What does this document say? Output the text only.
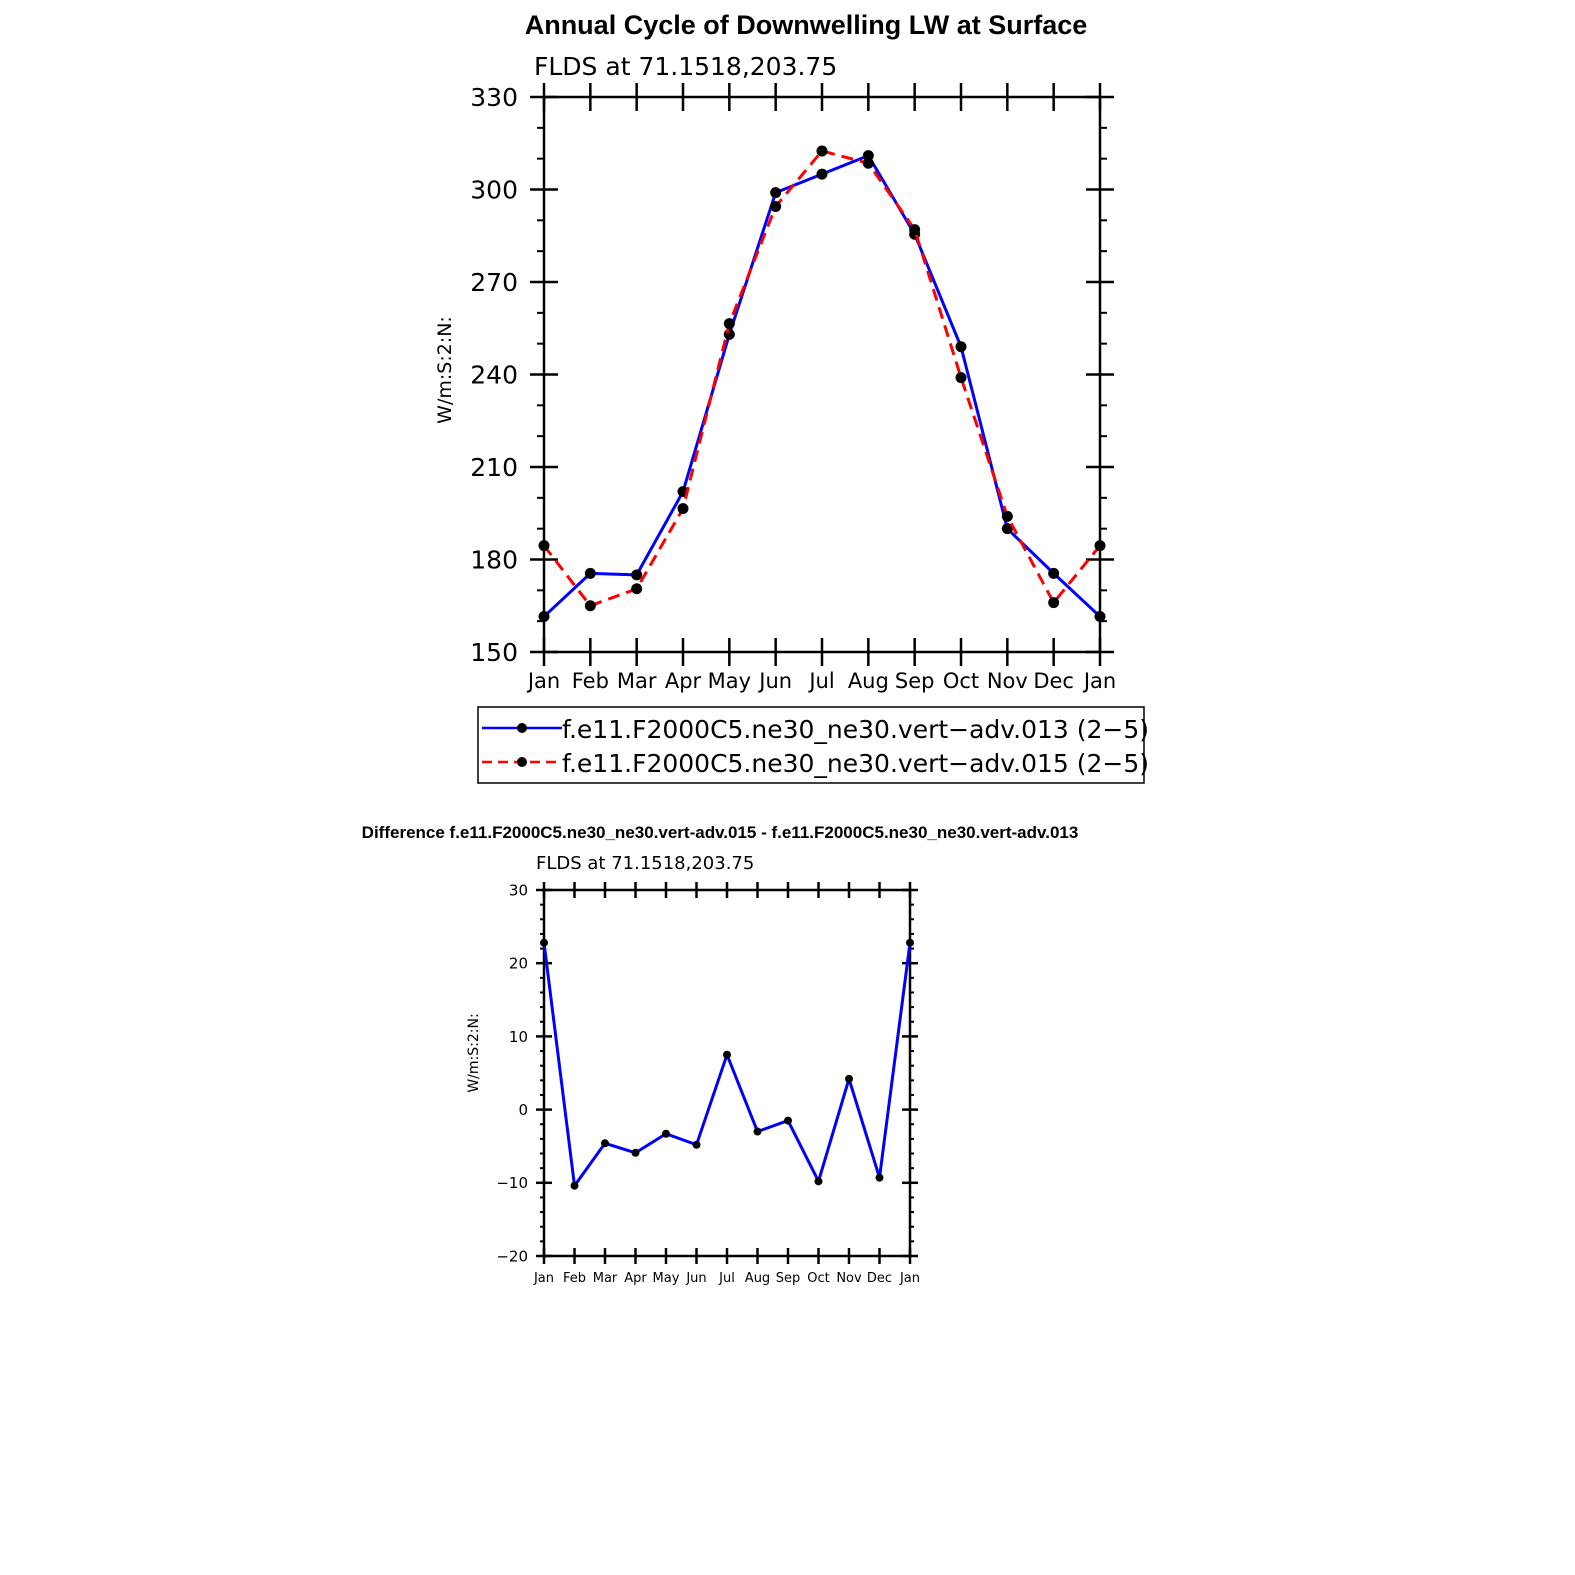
Annual Cycle of Downwelling LW at Surface
FLDS at 71.1518,203.75
W/m:S:2:N:
150
180
210
240
270
300
330
Jan Feb Mar Apr May Jun Jul Aug Sep Oct Nov Dec Jan
f.e11.F2000C5.ne30_ne30.vert−adv.013 (2−5)
f.e11.F2000C5.ne30_ne30.vert−adv.015 (2−5)
Difference f.e11.F2000C5.ne30_ne30.vert-adv.015 - f.e11.F2000C5.ne30_ne30.vert-adv.013
FLDS at 71.1518,203.75
W/m:S:2:N:
−20
−10
0
10
20
30
Jan Feb Mar Apr May Jun Jul Aug Sep Oct Nov Dec Jan
